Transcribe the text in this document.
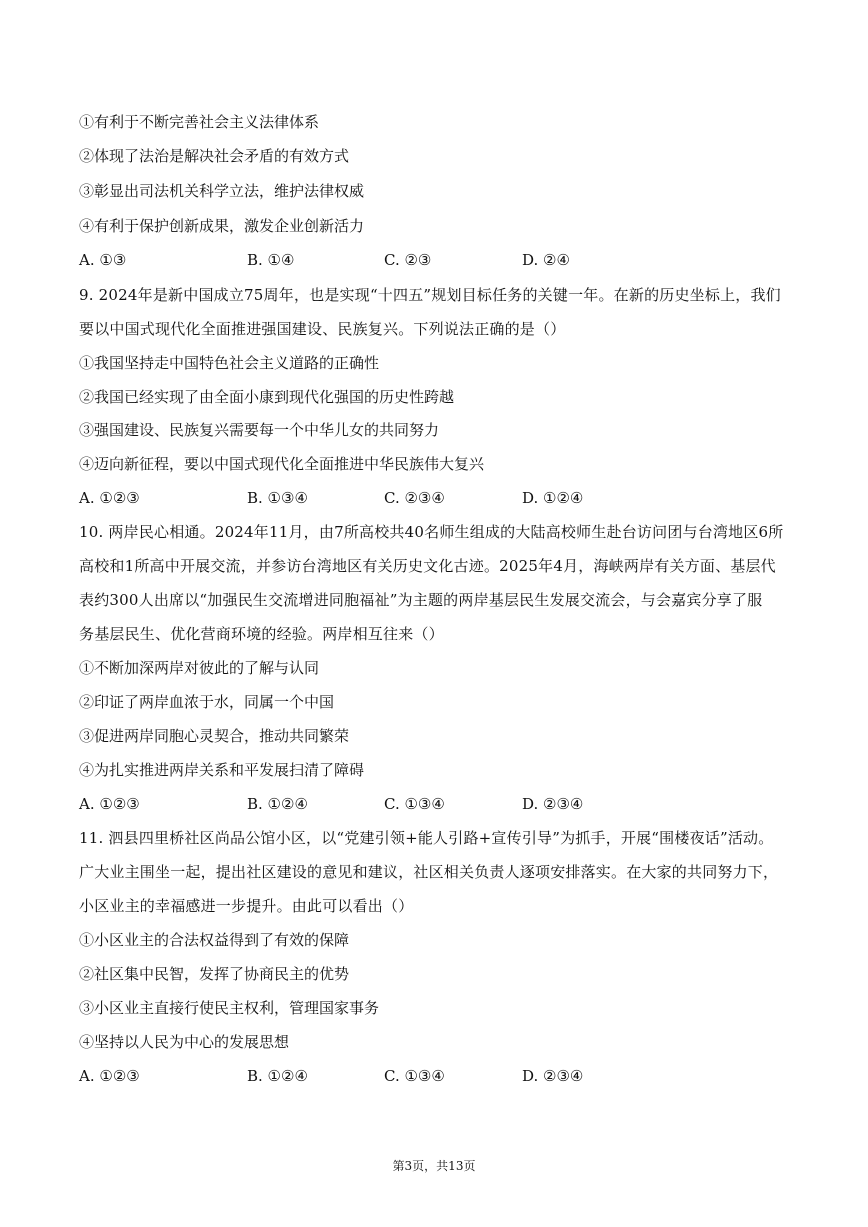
①有利于不断完善社会主义法律体系
②体现了法治是解决社会矛盾的有效方式
③彰显出司法机关科学立法，维护法律权威
④有利于保护创新成果，激发企业创新活力
A. ①③	B. ①④	C. ②③	D. ②④
9. 2024年是新中国成立75周年，也是实现“十四五”规划目标任务的关键一年。在新的历史坐标上，我们
要以中国式现代化全面推进强国建设、民族复兴。下列说法正确的是（）
①我国坚持走中国特色社会主义道路的正确性
②我国已经实现了由全面小康到现代化强国的历史性跨越
③强国建设、民族复兴需要每一个中华儿女的共同努力
④迈向新征程，要以中国式现代化全面推进中华民族伟大复兴
A. ①②③	B. ①③④	C. ②③④	D. ①②④
10. 两岸民心相通。2024年11月，由7所高校共40名师生组成的大陆高校师生赴台访问团与台湾地区6所
高校和1所高中开展交流，并参访台湾地区有关历史文化古迹。2025年4月，海峡两岸有关方面、基层代
表约300人出席以“加强民生交流增进同胞福祉”为主题的两岸基层民生发展交流会，与会嘉宾分享了服
务基层民生、优化营商环境的经验。两岸相互往来（）
①不断加深两岸对彼此的了解与认同
②印证了两岸血浓于水，同属一个中国
③促进两岸同胞心灵契合，推动共同繁荣
④为扎实推进两岸关系和平发展扫清了障碍
A. ①②③	B. ①②④	C. ①③④	D. ②③④
11. 泗县四里桥社区尚品公馆小区，以“党建引领+能人引路+宣传引导”为抓手，开展“围楼夜话”活动。
广大业主围坐一起，提出社区建设的意见和建议，社区相关负责人逐项安排落实。在大家的共同努力下，
小区业主的幸福感进一步提升。由此可以看出（）
①小区业主的合法权益得到了有效的保障
②社区集中民智，发挥了协商民主的优势
③小区业主直接行使民主权利，管理国家事务
④坚持以人民为中心的发展思想
A. ①②③	B. ①②④	C. ①③④	D. ②③④
第3页，共13页
